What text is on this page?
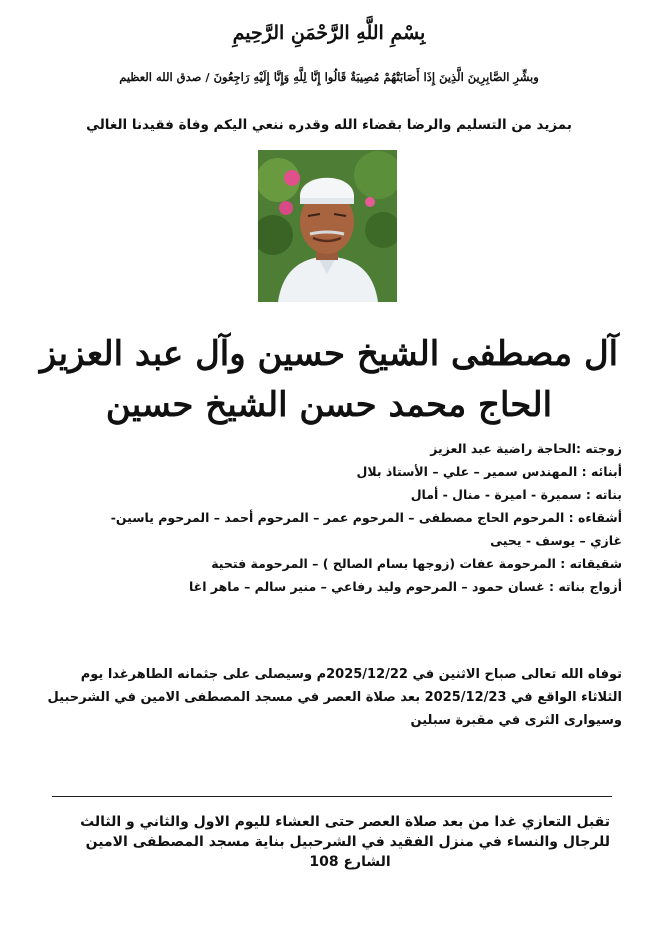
بِسْمِ اللَّهِ الرَّحْمَنِ الرَّحِيمِ
وبشِّرِ الصَّابِرِينَ الَّذِينَ إِذَا أَصَابَتْهُمْ مُصِيبَةٌ قَالُوا إِنَّا لِلَّهِ وَإِنَّا إِلَيْهِ رَاجِعُونَ / صدق الله العظيم
بمزيد من التسليم والرضا بقضاء الله وقدره ننعي اليكم وفاة فقيدنا الغالي
آل مصطفى الشيخ حسين وآل عبد العزيز
الحاج محمد حسن الشيخ حسين
زوجته :الحاجة راضية عبد العزيز
أبنائه : المهندس سمير – علي – الأستاذ بلال
بناته : سميرة - اميرة - منال - أمال
أشقاءه : المرحوم الحاج مصطفى – المرحوم عمر – المرحوم أحمد – المرحوم ياسين-
غازي – يوسف - يحيى
شقيقاته : المرحومة عفات (زوجها بسام الصالح ) – المرحومة فتحية
أزواج بناته : غسان حمود – المرحوم وليد رفاعي – منير سالم – ماهر اغا
توفاه الله تعالى صباح الاثنين في 2025/12/22م وسيصلى على جثمانه الطاهرغدا يوم
الثلاثاء الواقع في 2025/12/23 بعد صلاة العصر في مسجد المصطفى الامين في الشرحبيل
وسيوارى الثرى في مقبرة سبلين
تقبل التعازي غدا من بعد صلاة العصر حتى العشاء لليوم الاول والثاني و الثالث
للرجال والنساء في منزل الفقيد في الشرحبيل بناية مسجد المصطفى الامين
الشارع 108
